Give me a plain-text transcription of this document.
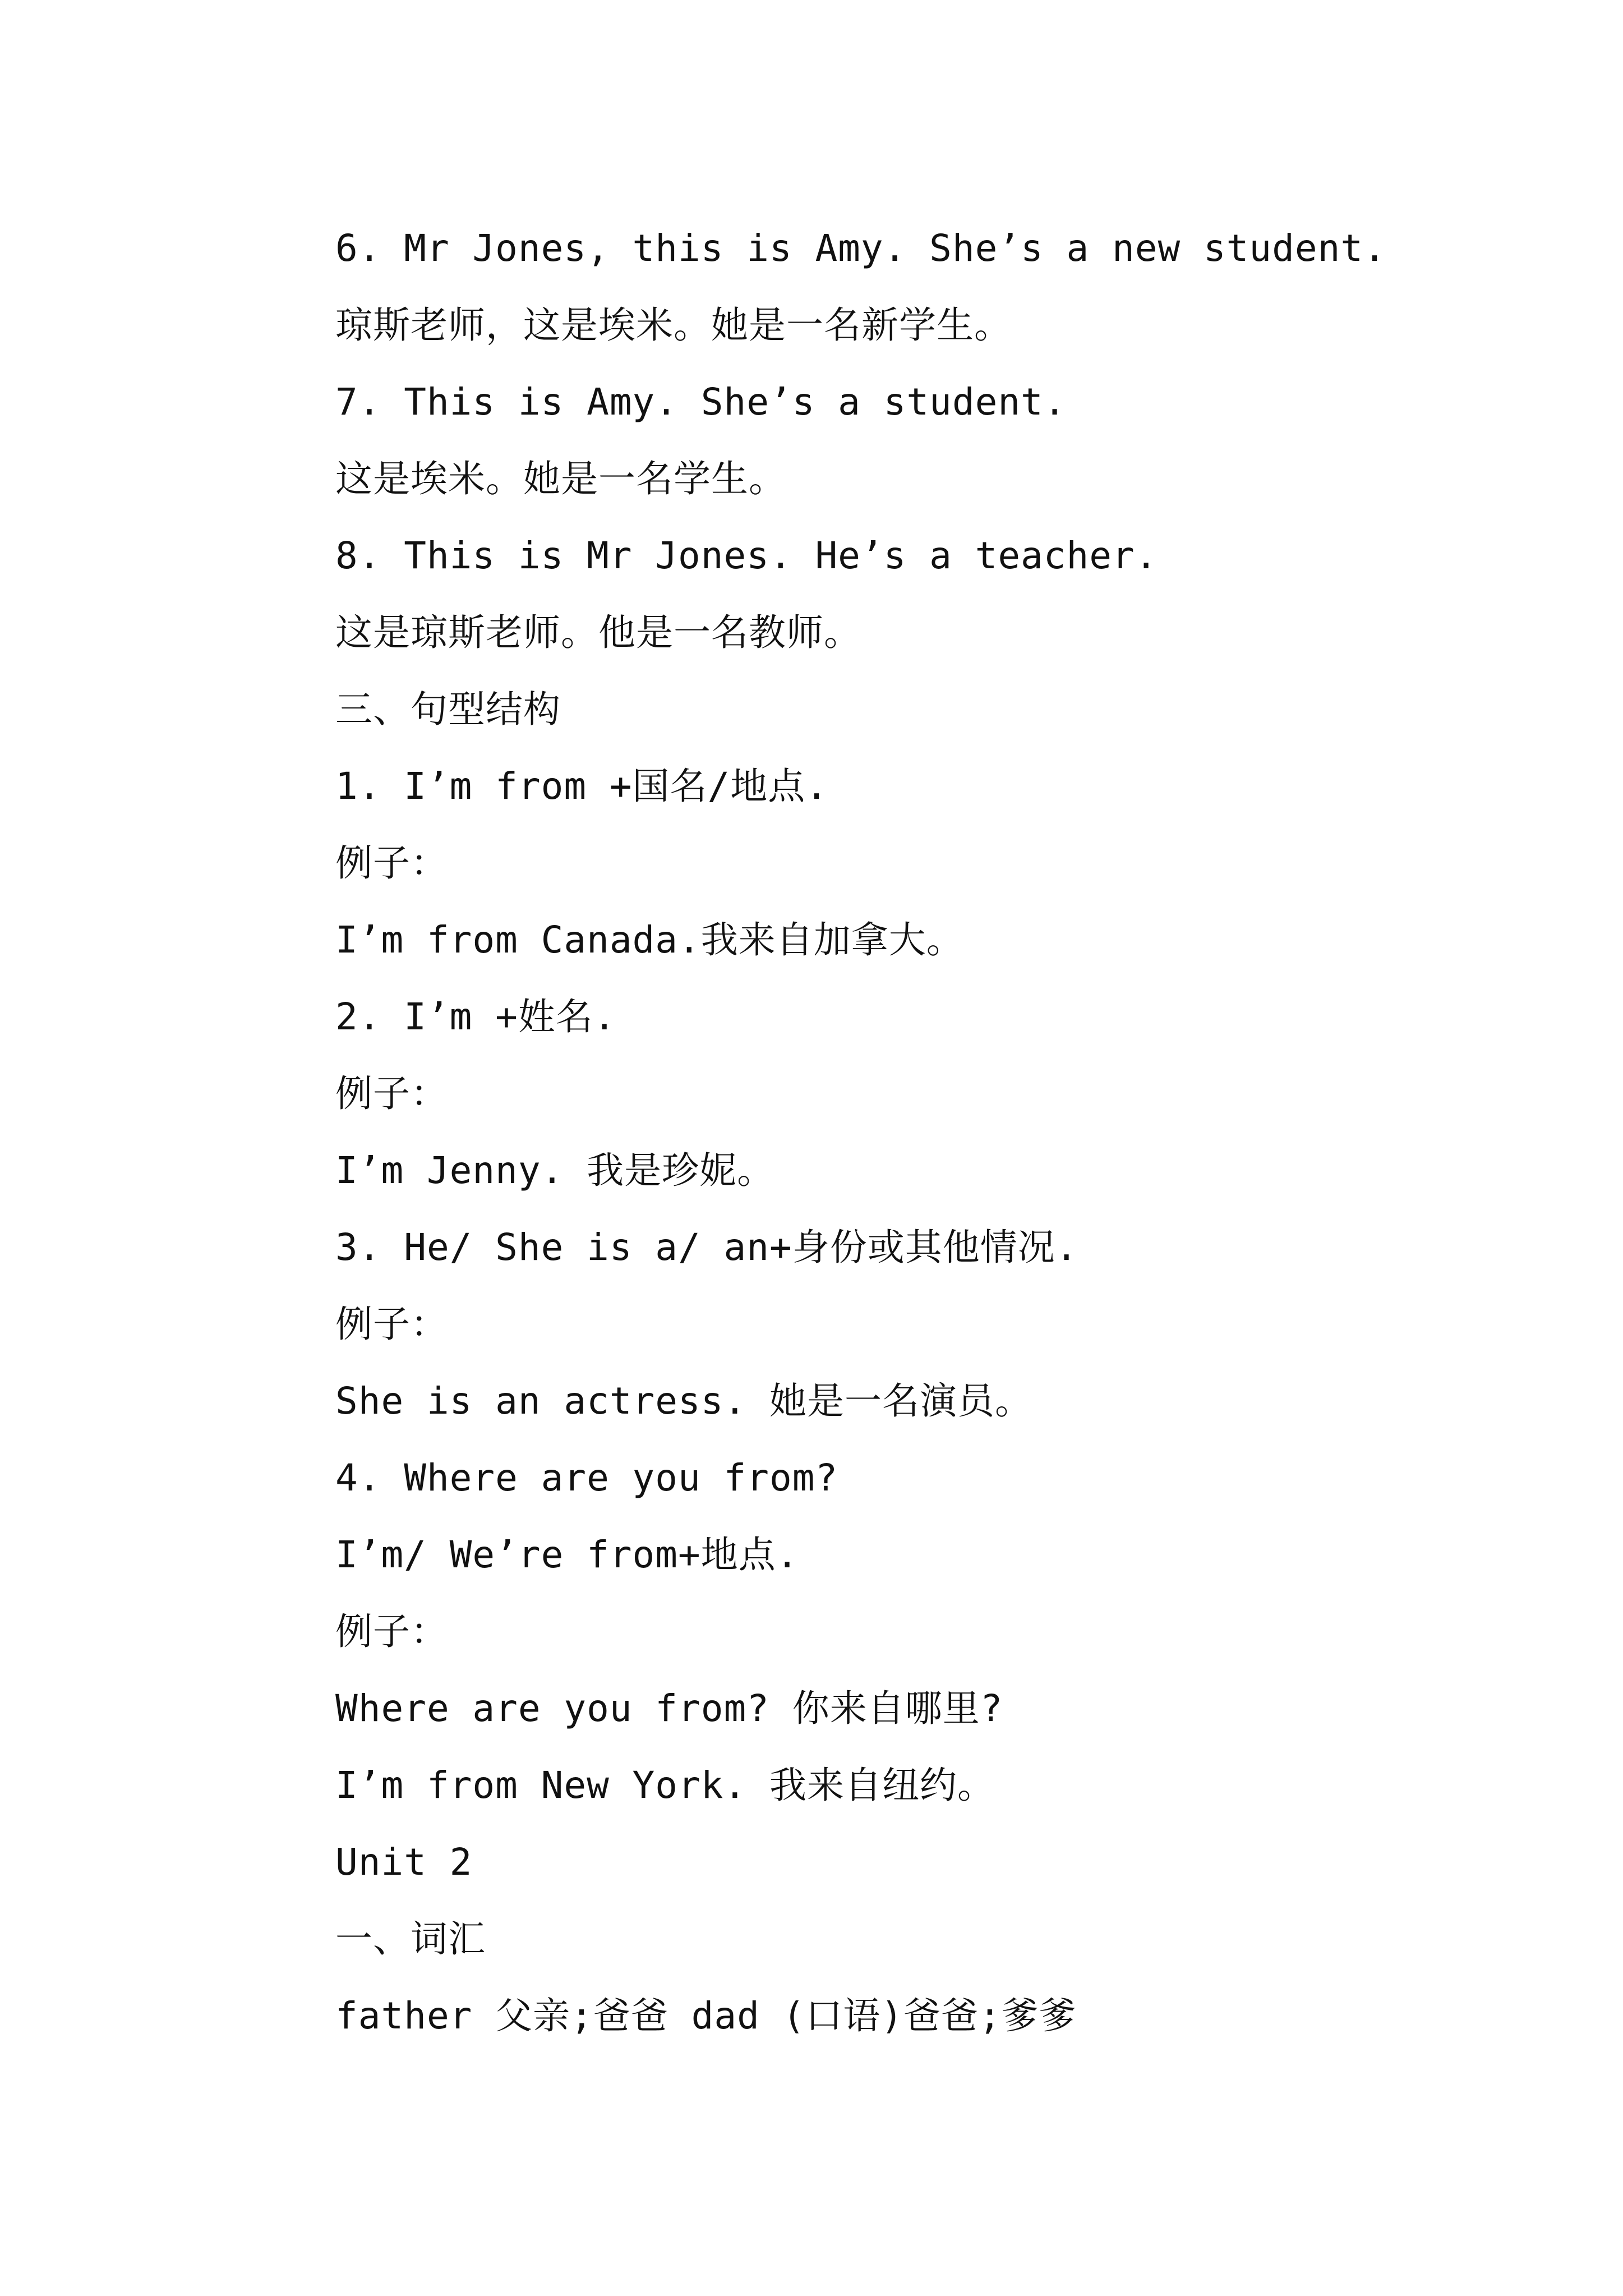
6. Mr Jones, this is Amy. She’s a new student.
琼斯老师，这是埃米。她是一名新学生。
7. This is Amy. She’s a student.
这是埃米。她是一名学生。
8. This is Mr Jones. He’s a teacher.
这是琼斯老师。他是一名教师。
三、句型结构
1. I’m from +国名/地点.
例子：
I’m from Canada.我来自加拿大。
2. I’m +姓名.
例子：
I’m Jenny. 我是珍妮。
3. He/ She is a/ an+身份或其他情况.
例子：
She is an actress. 她是一名演员。
4. Where are you from?
I’m/ We’re from+地点.
例子：
Where are you from? 你来自哪里?
I’m from New York. 我来自纽约。
Unit 2
一、词汇
father 父亲;爸爸 dad (口语)爸爸;爹爹
